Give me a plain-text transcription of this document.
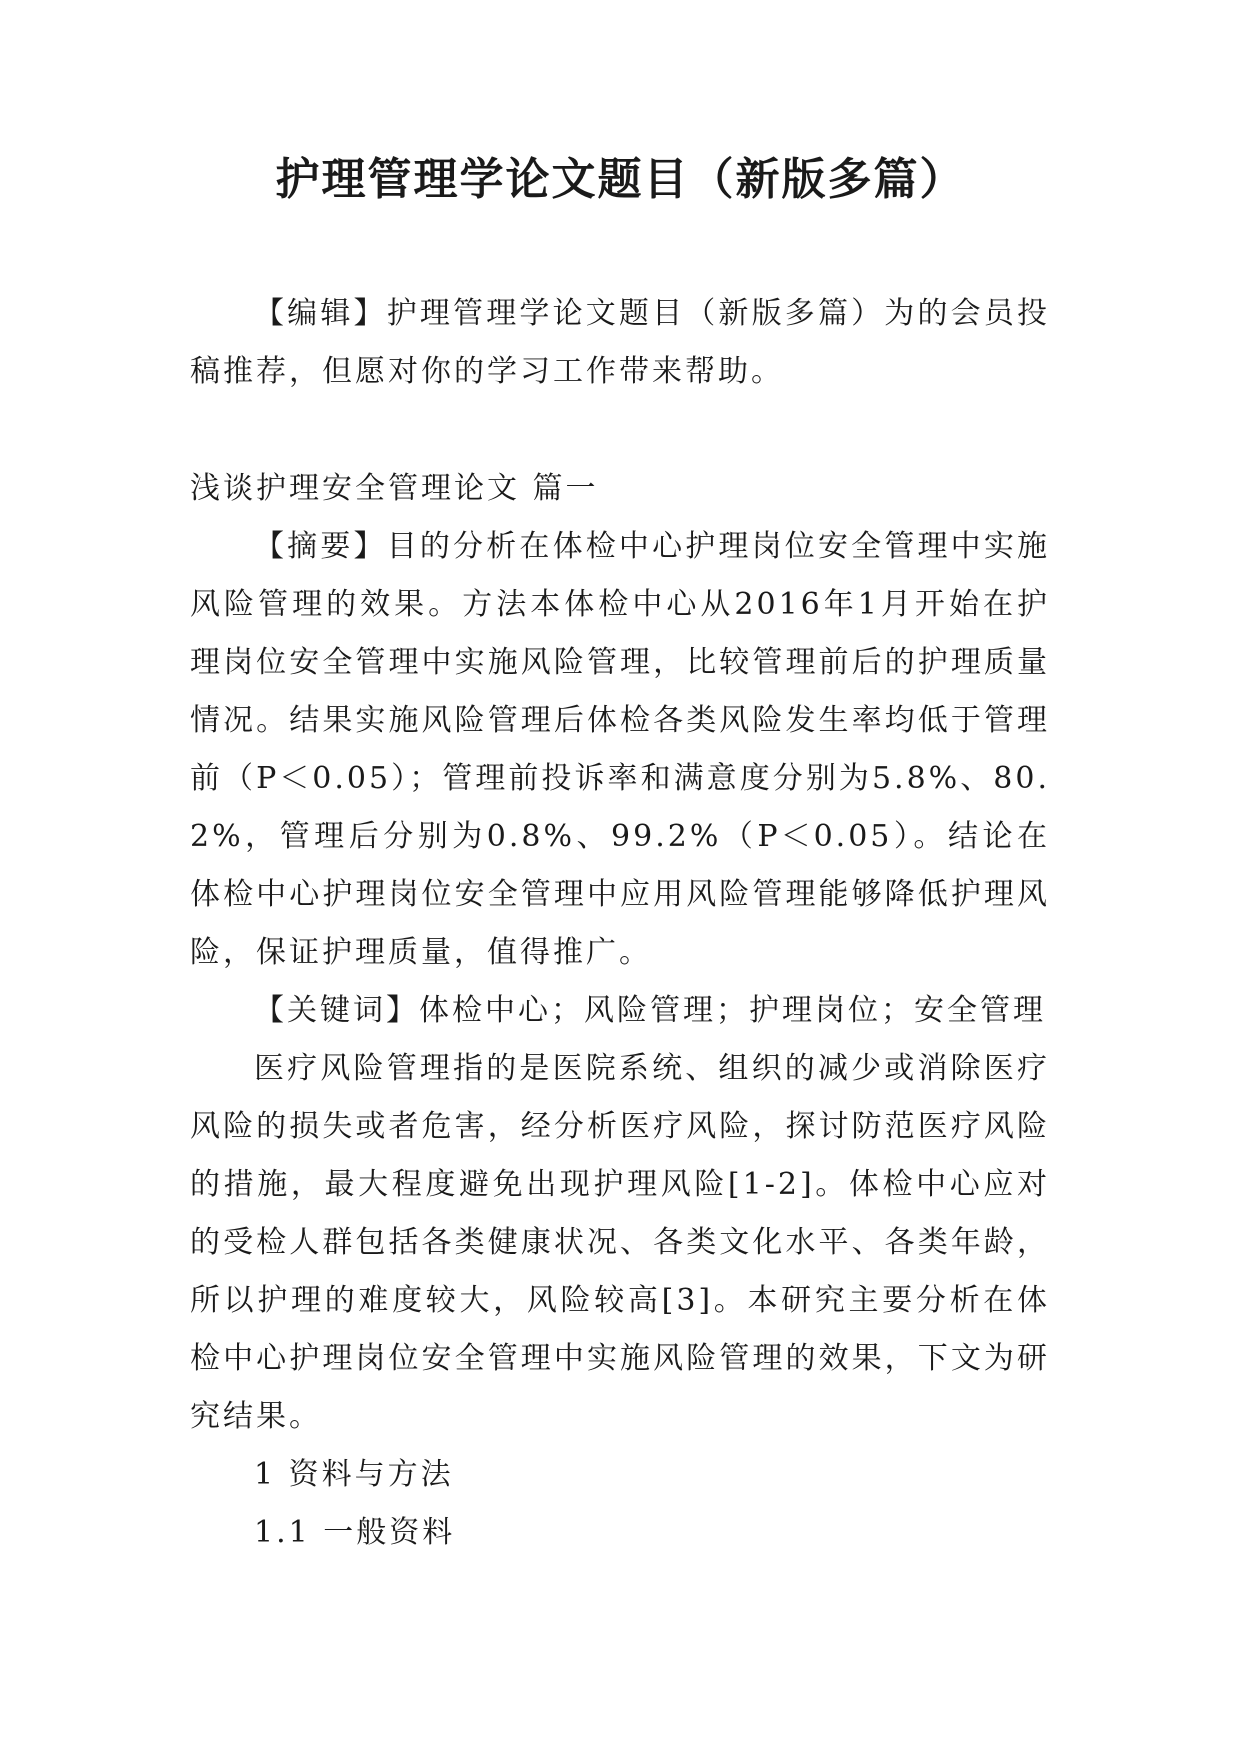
护理管理学论文题目（新版多篇）
【编辑】护理管理学论文题目（新版多篇）为的会员投稿推荐，但愿对你的学习工作带来帮助。
浅谈护理安全管理论文 篇一
【摘要】目的分析在体检中心护理岗位安全管理中实施风险管理的效果。方法本体检中心从2016年1月开始在护理岗位安全管理中实施风险管理，比较管理前后的护理质量情况。结果实施风险管理后体检各类风险发生率均低于管理前（P＜0.05）；管理前投诉率和满意度分别为5.8%、80.2%，管理后分别为0.8%、99.2%（P＜0.05）。结论在体检中心护理岗位安全管理中应用风险管理能够降低护理风险，保证护理质量，值得推广。
【关键词】体检中心；风险管理；护理岗位；安全管理
医疗风险管理指的是医院系统、组织的减少或消除医疗风险的损失或者危害，经分析医疗风险，探讨防范医疗风险的措施，最大程度避免出现护理风险[1-2]。体检中心应对的受检人群包括各类健康状况、各类文化水平、各类年龄，所以护理的难度较大，风险较高[3]。本研究主要分析在体检中心护理岗位安全管理中实施风险管理的效果，下文为研究结果。
1 资料与方法
1.1 一般资料
